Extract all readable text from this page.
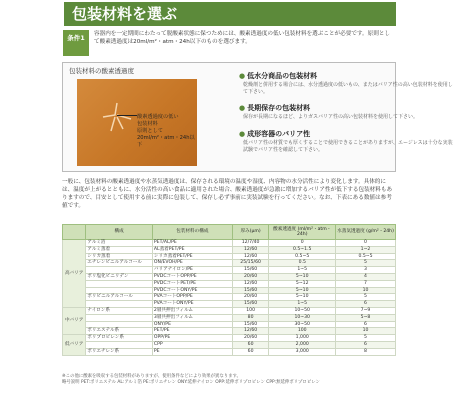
包装材料を選ぶ
条件1	容器内を一定期間にわたって脱酸素状態に保つためには、酸素透過度の低い包装材料を選ぶことが必要です。原則として酸素透過度は20ml/m²・atm・24h以下のものを選びます。
包装材料の酸素透過度
酸素透過度の低い
包装材料
原則として
20ml/m²・atm・24h以下
● 低水分商品の包装材料
乾燥剤と併用する場合には、水分透過度の低いもの、またはバリア性の高い包装材料を使用して下さい。
● 長期保存の包装材料
保存が長期になるほど、よりガスバリア性の高い包装材料を使用して下さい。
● 成形容器のバリア性
低バリア性の材質でも厚くすることで使用できることがありますが、エージレスは十分な実装試験でバリア性を確認して下さい。
一般に、包装材料の酸素透過度や水蒸気透過度は、保存される環境の温度や湿度、内容物の水分活性により変化します。具体的には、温度が上がるとともに、水分活性の高い食品に適用された場合、酸素透過度が急激に増加するバリア性が低下する包装材料もありますので、目安として使用する前に実際に包装して、保存し必ず事前に実装試験を行ってください。なお、下表にある数値は参考値です。
	構成	包装材料の構成	厚み(μm)	酸素透過度 (ml/m²・atm・24h)	水蒸気透過度 (g/m²・24h)
高バリア	アルミ箔	PET/AL/PE	12/7/40	0	0
	アルミ蒸着	AL蒸着PET/PE	12/60	0.5~1.5	1~2
	シリカ蒸着	シリカ蒸着PET/PE	12/60	0.5~5	0.5~5
	エチレンビニルアルコール	ON/EVOH/PE	25/15/60	0.5	5
		バリアナイロン/PE	15/60	1~5	3
	ポリ塩化ビニリデン	PVDCコートOPP/PE	20/60	5~10	4
		PVDCコートPET/PE	12/60	5~12	7
		PVDCコートONY/PE	15/60	5~10	10
	ポリビニルアルコール	PVAコートOPP/PE	20/60	5~10	5
		PVAコートONY/PE	15/60	1~5	6
中バリア	ナイロン系	2層共押出フィルム	100	10~50	7~9
		3層共押出フィルム	80	10~30	5~8
		ONY/PE	15/60	30~50	6
	ポリエステル系	PET/PE	12/60	100	10
低バリア	ポリプロピレン系	OPP/PE	20/60	1,000	5
		CPP	60	2,000	6
	ポリエチレン系	PE	60	3,000	8
※この他に酸素を吸収する包装材料がありますが、使用条件などにより効果が異なります。
略号説明 PET:ポリエステル AL:アルミ箔 PE:ポリエチレン ONY:延伸ナイロン OPP:延伸ポリプロピレン CPP:無延伸ポリプロピレン
